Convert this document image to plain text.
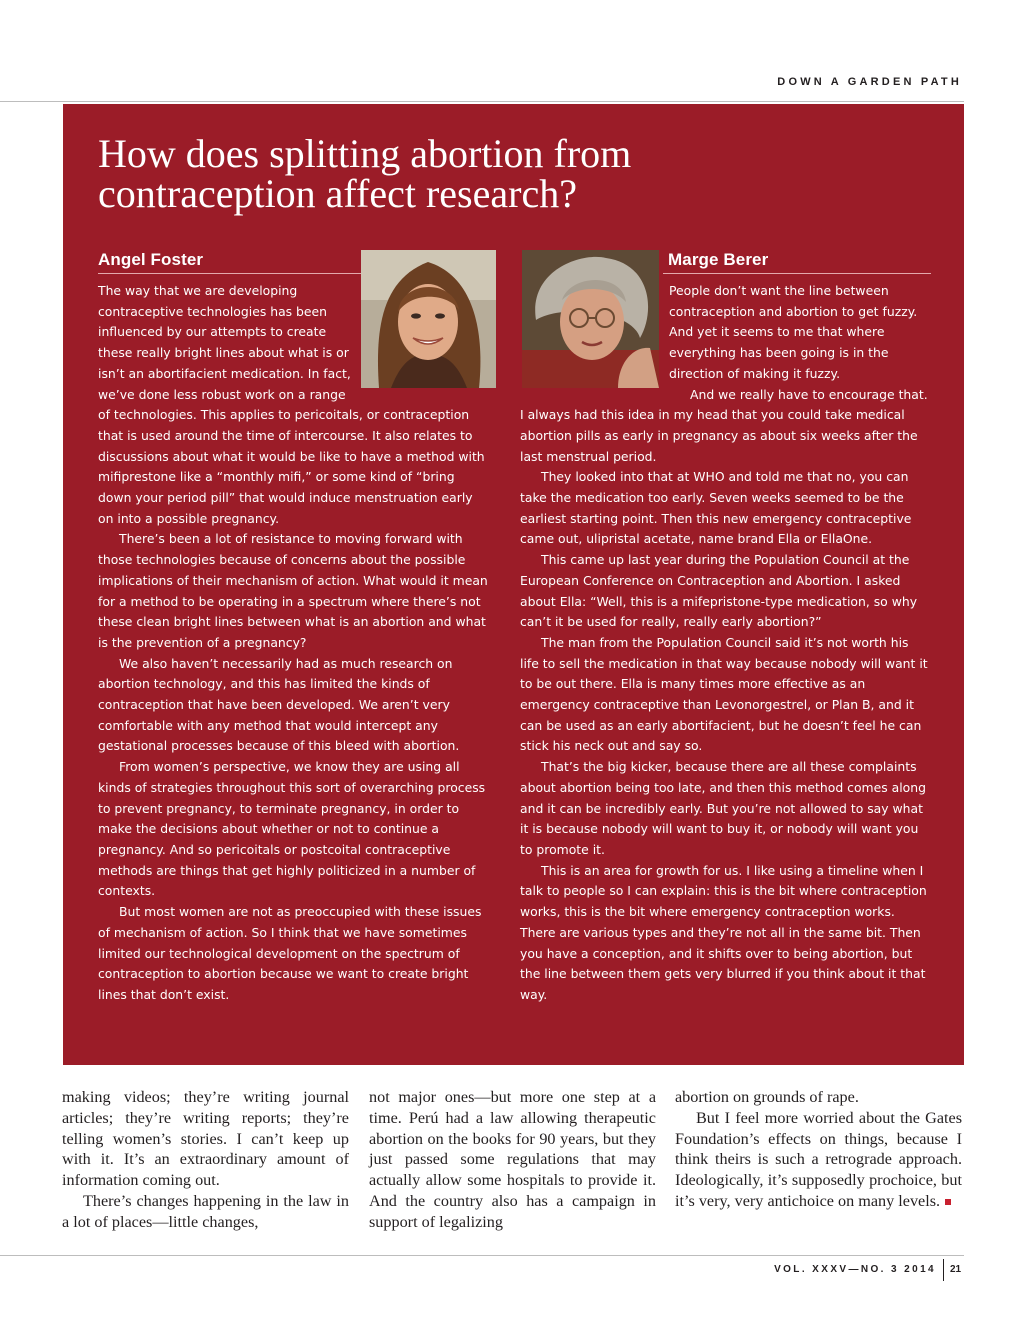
DOWN A GARDEN PATH
How does splitting abortion from contraception affect research?
Angel Foster	Marge Berer

The way that we are developing contraceptive technologies has been influenced by our attempts to create these really bright lines about what is or isn’t an abortifacient medication. In fact, we’ve done less robust work on a range of technologies. This applies to pericoitals, or contraception that is used around the time of intercourse. It also relates to discussions about what it would be like to have a method with mifiprestone like a “monthly mifi,” or some kind of “bring down your period pill” that would induce menstruation early on into a possible pregnancy.

There’s been a lot of resistance to moving forward with those technologies because of concerns about the possible implications of their mechanism of action. What would it mean for a method to be operating in a spectrum where there’s not these clean bright lines between what is an abortion and what is the prevention of a pregnancy?

We also haven’t necessarily had as much research on abortion technology, and this has limited the kinds of contraception that have been developed. We aren’t very comfortable with any method that would intercept any gestational processes because of this bleed with abortion.

From women’s perspective, we know they are using all kinds of strategies throughout this sort of overarching process to prevent pregnancy, to terminate pregnancy, in order to make the decisions about whether or not to continue a pregnancy. And so pericoitals or postcoital contraceptive methods are things that get highly politicized in a number of contexts.

But most women are not as preoccupied with these issues of mechanism of action. So I think that we have sometimes limited our technological development on the spectrum of contraception to abortion because we want to create bright lines that don’t exist.

People don’t want the line between contraception and abortion to get fuzzy. And yet it seems to me that where everything has been going is in the direction of making it fuzzy.

And we really have to encourage that. I always had this idea in my head that you could take medical abortion pills as early in pregnancy as about six weeks after the last menstrual period.

They looked into that at WHO and told me that no, you can take the medication too early. Seven weeks seemed to be the earliest starting point. Then this new emergency contraceptive came out, ulipristal acetate, name brand Ella or EllaOne.

This came up last year during the Population Council at the European Conference on Contraception and Abortion. I asked about Ella: “Well, this is a mifepristone-type medication, so why can’t it be used for really, really early abortion?”

The man from the Population Council said it’s not worth his life to sell the medication in that way because nobody will want it to be out there. Ella is many times more effective as an emergency contraceptive than Levonorgestrel, or Plan B, and it can be used as an early abortifacient, but he doesn’t feel he can stick his neck out and say so.

That’s the big kicker, because there are all these complaints about abortion being too late, and then this method comes along and it can be incredibly early. But you’re not allowed to say what it is because nobody will want to buy it, or nobody will want you to promote it.

This is an area for growth for us. I like using a timeline when I talk to people so I can explain: this is the bit where contraception works, this is the bit where emergency contraception works. There are various types and they’re not all in the same bit. Then you have a conception, and it shifts over to being abortion, but the line between them gets very blurred if you think about it that way.

making videos; they’re writing journal articles; they’re writing reports; they’re telling women’s stories. I can’t keep up with it. It’s an extraordinary amount of information coming out.

There’s changes happening in the law in a lot of places—little changes,

not major ones—but more one step at a time. Perú had a law allowing therapeutic abortion on the books for 90 years, but they just passed some regulations that may actually allow some hospitals to provide it. And the country also has a campaign in support of legalizing

abortion on grounds of rape.

But I feel more worried about the Gates Foundation’s effects on things, because I think theirs is such a retrograde approach. Ideologically, it’s supposedly prochoice, but it’s very, very antichoice on many levels.

VOL. XXXV—NO. 3 2014 21
